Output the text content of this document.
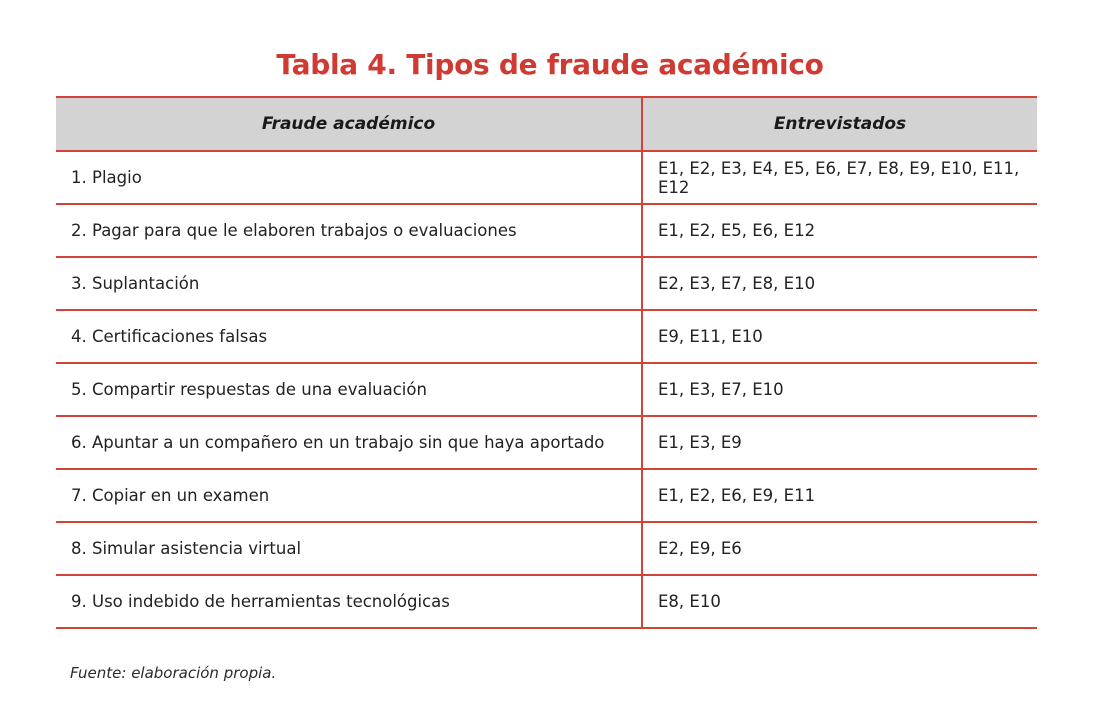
Tabla 4. Tipos de fraude académico
Fraude académico	Entrevistados
1. Plagio	E1, E2, E3, E4, E5, E6, E7, E8, E9, E10, E11, E12
2. Pagar para que le elaboren trabajos o evaluaciones	E1, E2, E5, E6, E12
3. Suplantación	E2, E3, E7, E8, E10
4. Certificaciones falsas	E9, E11, E10
5. Compartir respuestas de una evaluación	E1, E3, E7, E10
6. Apuntar a un compañero en un trabajo sin que haya aportado	E1, E3, E9
7. Copiar en un examen	E1, E2, E6, E9, E11
8. Simular asistencia virtual	E2, E9, E6
9. Uso indebido de herramientas tecnológicas	E8, E10
Fuente: elaboración propia.
